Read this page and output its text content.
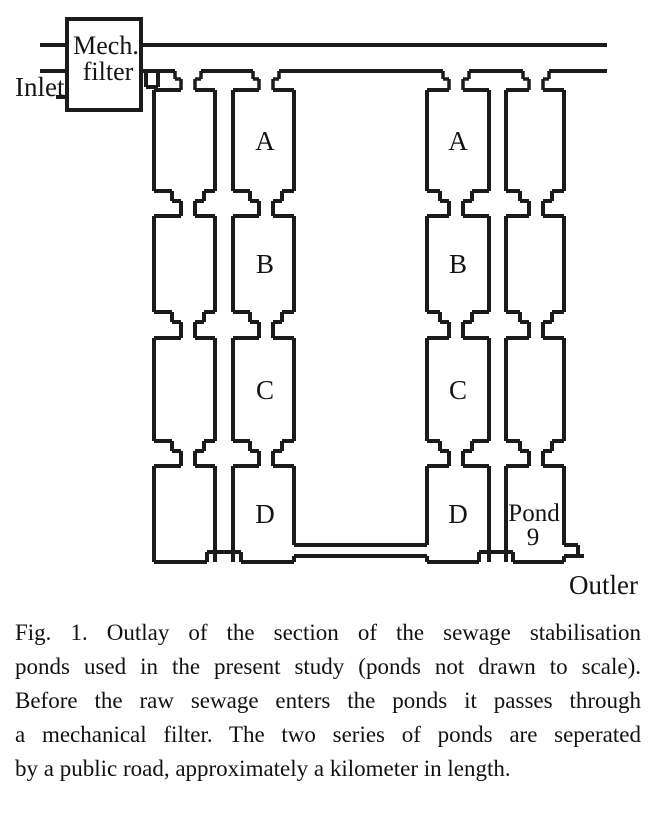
Mech.
filter
Inlet
Outler
A
B
C
D
A
B
C
D Pond
9
Fig. 1. Outlay of the section of the sewage stabilisation
ponds used in the present study (ponds not drawn to scale).
Before the raw sewage enters the ponds it passes through
a mechanical filter. The two series of ponds are seperated
by a public road, approximately a kilometer in length.
